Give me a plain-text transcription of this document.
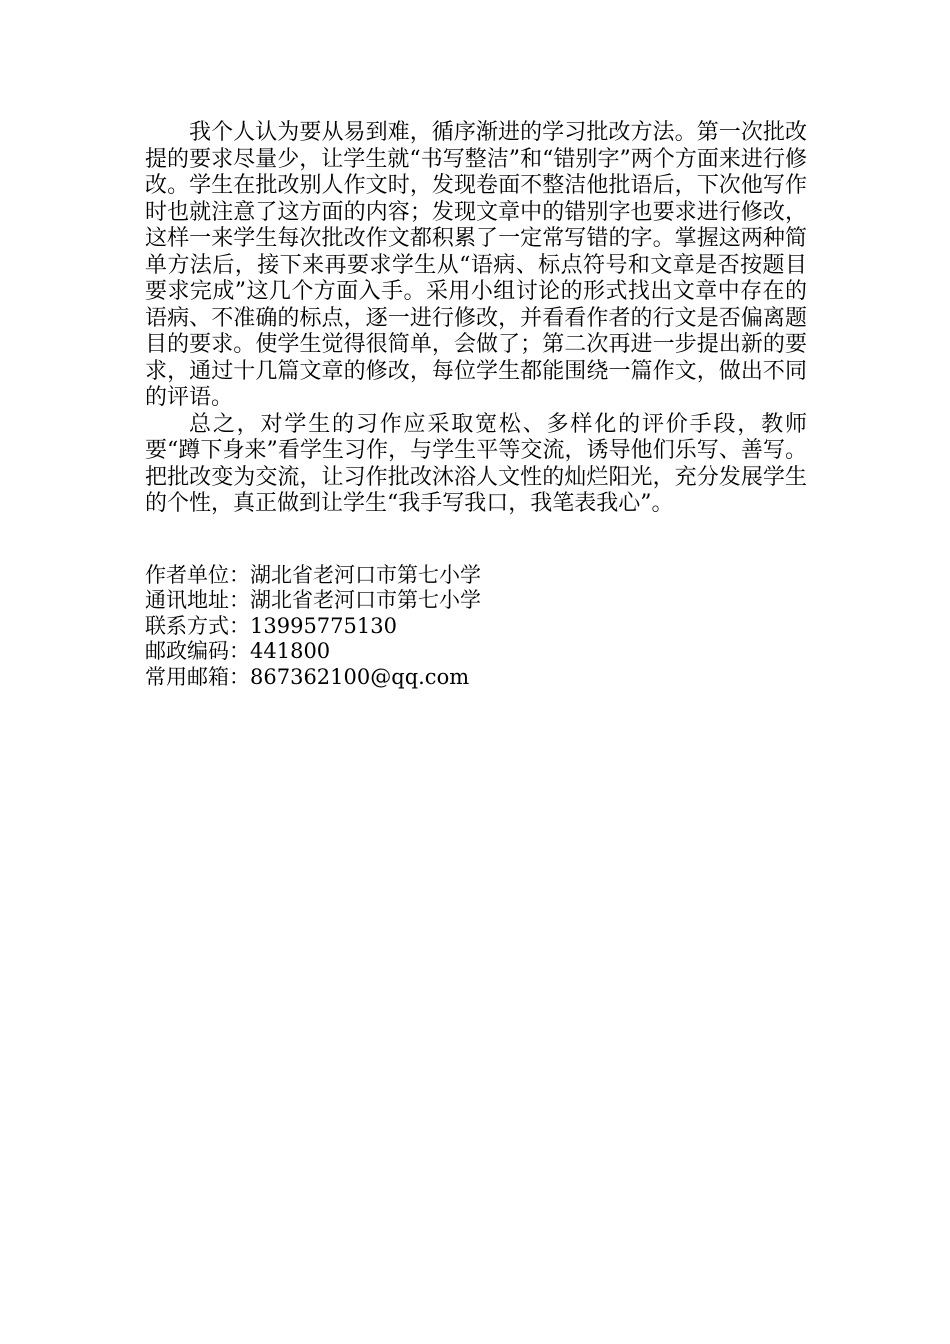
我个人认为要从易到难，循序渐进的学习批改方法。第一次批改提的要求尽量少，让学生就“书写整洁”和“错别字”两个方面来进行修改。学生在批改别人作文时，发现卷面不整洁他批语后，下次他写作时也就注意了这方面的内容；发现文章中的错别字也要求进行修改，这样一来学生每次批改作文都积累了一定常写错的字。掌握这两种简单方法后，接下来再要求学生从“语病、标点符号和文章是否按题目要求完成”这几个方面入手。采用小组讨论的形式找出文章中存在的语病、不准确的标点，逐一进行修改，并看看作者的行文是否偏离题目的要求。使学生觉得很简单，会做了；第二次再进一步提出新的要求，通过十几篇文章的修改，每位学生都能围绕一篇作文，做出不同的评语。

总之，对学生的习作应采取宽松、多样化的评价手段，教师要“蹲下身来”看学生习作，与学生平等交流，诱导他们乐写、善写。把批改变为交流，让习作批改沐浴人文性的灿烂阳光，充分发展学生的个性，真正做到让学生“我手写我口，我笔表我心”。

作者单位：湖北省老河口市第七小学

通讯地址：湖北省老河口市第七小学

联系方式：13995775130

邮政编码：441800

常用邮箱：867362100@qq.com
